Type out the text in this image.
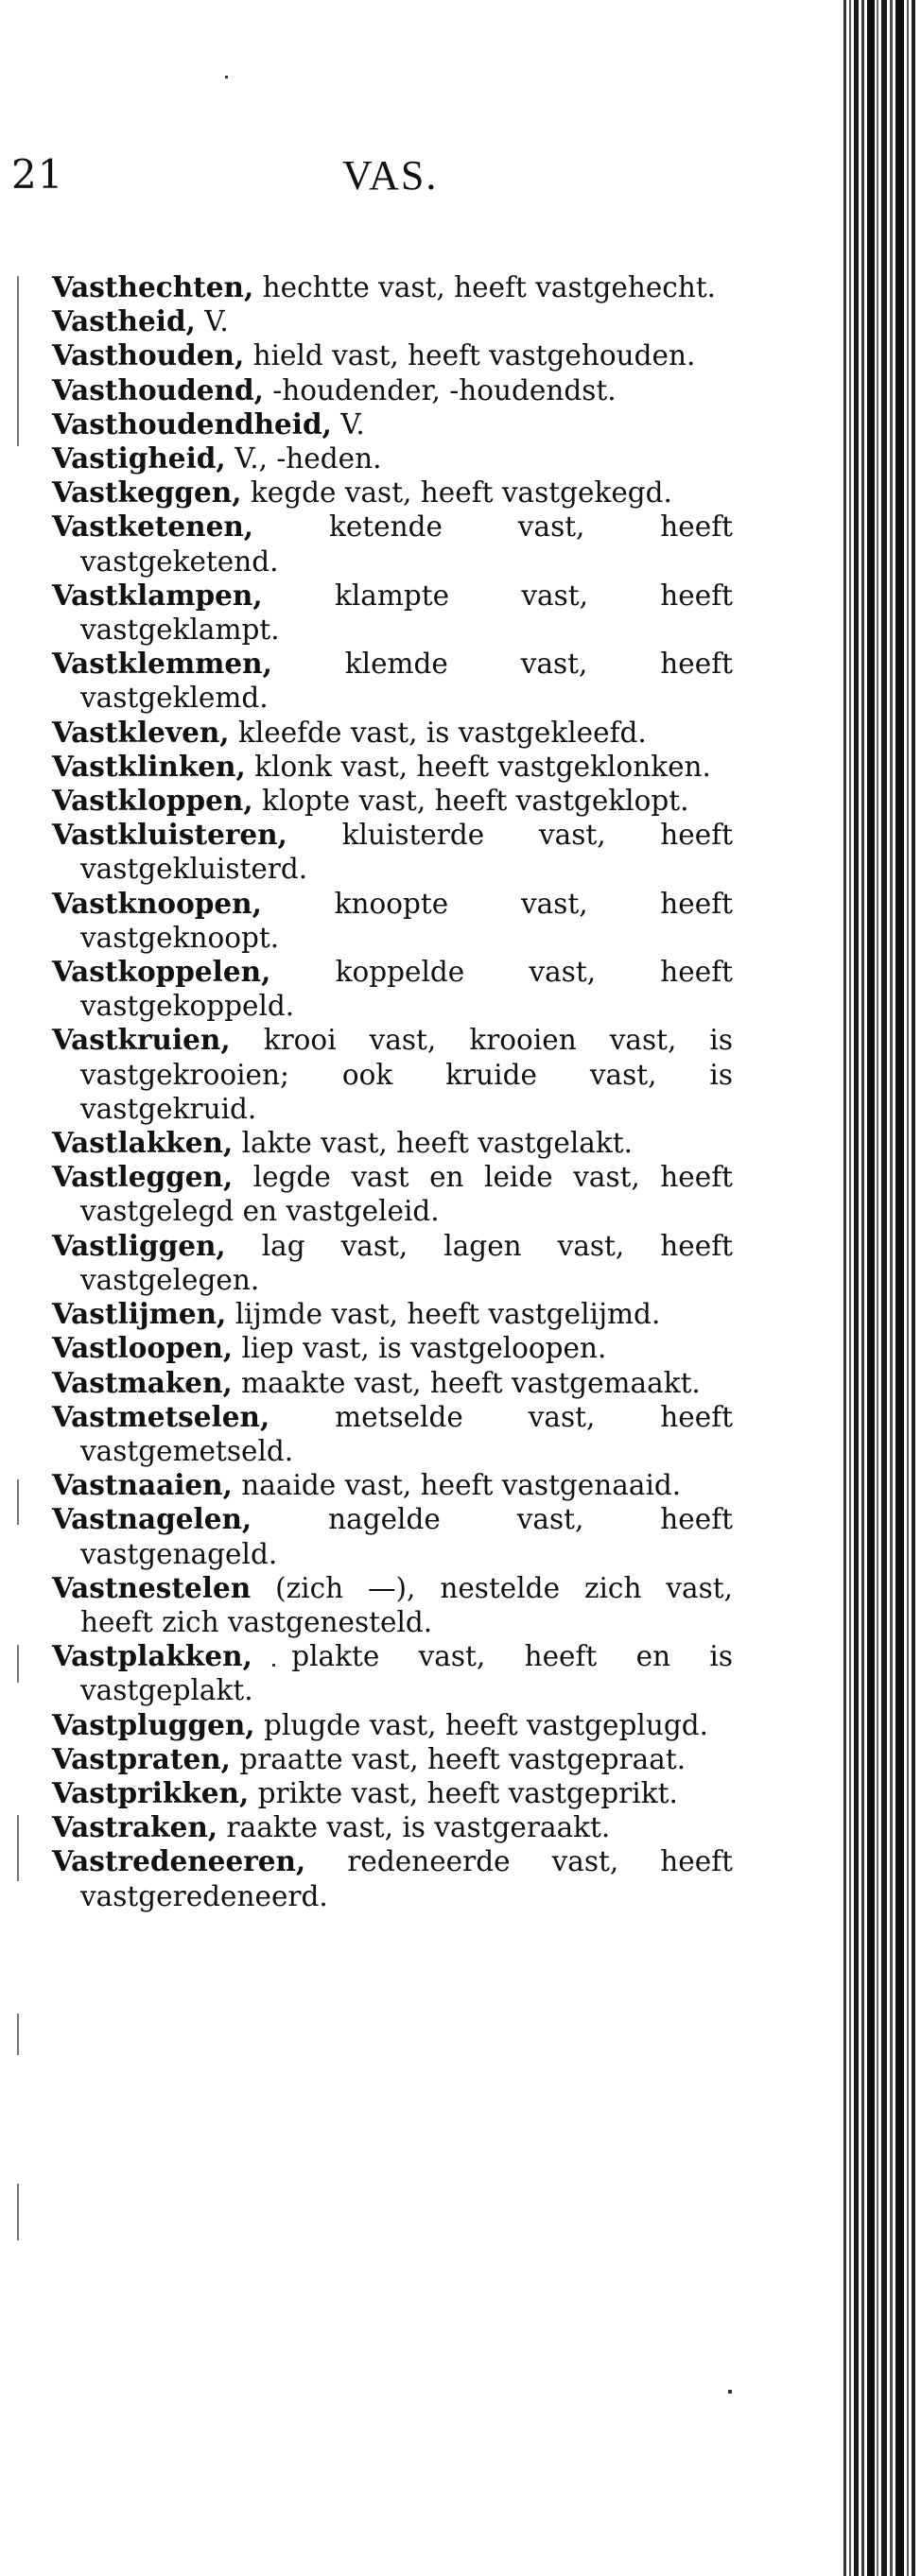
21	VAS.
Vasthechten, hechtte vast, heeft vastgehecht.
Vastheid, V.
Vasthouden, hield vast, heeft vastgehouden.
Vasthoudend, -houdender, -houdendst.
Vasthoudendheid, V.
Vastigheid, V., -heden.
Vastkeggen, kegde vast, heeft vastgekegd.
Vastketenen, ketende vast, heeft vastgeketend.
Vastklampen, klampte vast, heeft vastgeklampt.
Vastklemmen, klemde vast, heeft vastgeklemd.
Vastkleven, kleefde vast, is vastgekleefd.
Vastklinken, klonk vast, heeft vastgeklonken.
Vastkloppen, klopte vast, heeft vastgeklopt.
Vastkluisteren, kluisterde vast, heeft vastgekluisterd.
Vastknoopen, knoopte vast, heeft vastgeknoopt.
Vastkoppelen, koppelde vast, heeft vastgekoppeld.
Vastkruien, krooi vast, krooien vast, is vastgekrooien; ook kruide vast, is vastgekruid.
Vastlakken, lakte vast, heeft vastgelakt.
Vastleggen, legde vast en leide vast, heeft vastgelegd en vastgeleid.
Vastliggen, lag vast, lagen vast, heeft vastgelegen.
Vastlijmen, lijmde vast, heeft vastgelijmd.
Vastloopen, liep vast, is vastgeloopen.
Vastmaken, maakte vast, heeft vastgemaakt.
Vastmetselen, metselde vast, heeft vastgemetseld.
Vastnaaien, naaide vast, heeft vastgenaaid.
Vastnagelen, nagelde vast, heeft vastgenageld.
Vastnestelen (zich —), nestelde zich vast, heeft zich vastgenesteld.
Vastplakken, plakte vast, heeft en is vastgeplakt.
Vastpluggen, plugde vast, heeft vastgeplugd.
Vastpraten, praatte vast, heeft vastgepraat.
Vastprikken, prikte vast, heeft vastgeprikt.
Vastraken, raakte vast, is vastgeraakt.
Vastredeneeren, redeneerde vast, heeft vastgeredeneerd.
